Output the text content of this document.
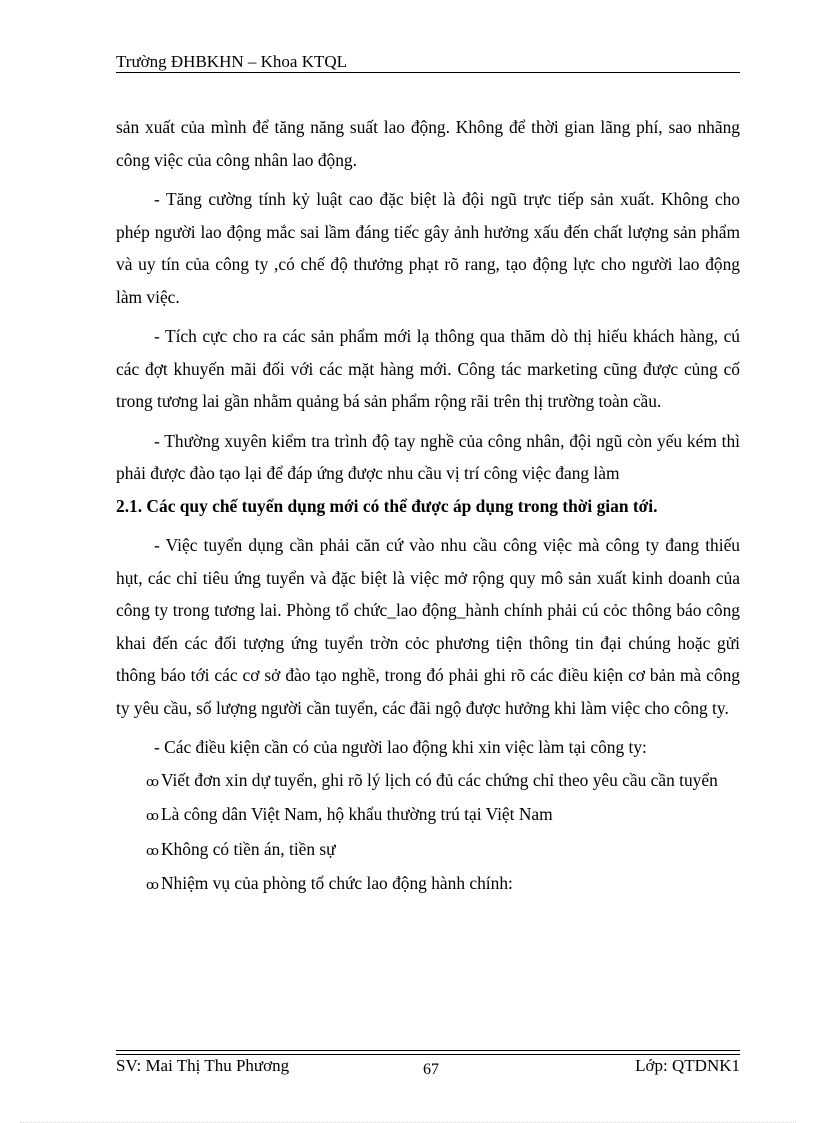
Trường ĐHBKHN – Khoa KTQL

sản xuất của mình để tăng năng suất lao động. Không để thời gian lãng phí, sao nhãng công việc của công nhân lao động.

- Tăng cường tính kỷ luật cao đặc biệt là đội ngũ trực tiếp sản xuất. Không cho phép người lao động mắc sai lầm đáng tiếc gây ảnh hưởng xấu đến chất lượng sản phẩm và uy tín của công ty ,có chế độ thưởng phạt rõ rang, tạo động lực cho người lao động làm việc.

- Tích cực cho ra các sản phẩm mới lạ thông qua thăm dò thị hiếu khách hàng, cú các đợt khuyến mãi đối với các mặt hàng mới. Công tác marketing cũng được củng cố trong tương lai gần nhằm quảng bá sản phẩm rộng rãi trên thị trường toàn cầu.

- Thường xuyên kiểm tra trình độ tay nghề của công nhân, đội ngũ còn yếu kém thì phải được đào tạo lại để đáp ứng được nhu cầu vị trí công việc đang làm

2.1. Các quy chế tuyển dụng mới có thể được áp dụng trong thời gian tới.

- Việc tuyển dụng cần phải căn cứ vào nhu cầu công việc mà công ty đang thiếu hụt, các chỉ tiêu ứng tuyển và đặc biệt là việc mở rộng quy mô sản xuất kinh doanh của công ty trong tương lai. Phòng tổ chức_lao động_hành chính phải cú cỏc thông báo công khai đến các đối tượng ứng tuyển trờn cỏc phương tiện thông tin đại chúng hoặc gửi thông báo tới các cơ sở đào tạo nghề, trong đó phải ghi rõ các điều kiện cơ bản mà công ty yêu cầu, số lượng người cần tuyển, các đãi ngộ được hưởng khi làm việc cho công ty.

- Các điều kiện cần có của người lao động khi xin việc làm tại công ty:

ꝏ Viết đơn xin dự tuyển, ghi rõ lý lịch có đủ các chứng chỉ theo yêu cầu cần tuyển

ꝏ Là công dân Việt Nam, hộ khẩu thường trú tại Việt Nam

ꝏ Không có tiền án, tiền sự

ꝏ Nhiệm vụ của phòng tổ chức lao động hành chính:

SV: Mai Thị Thu Phương	67	Lớp: QTDNK1
